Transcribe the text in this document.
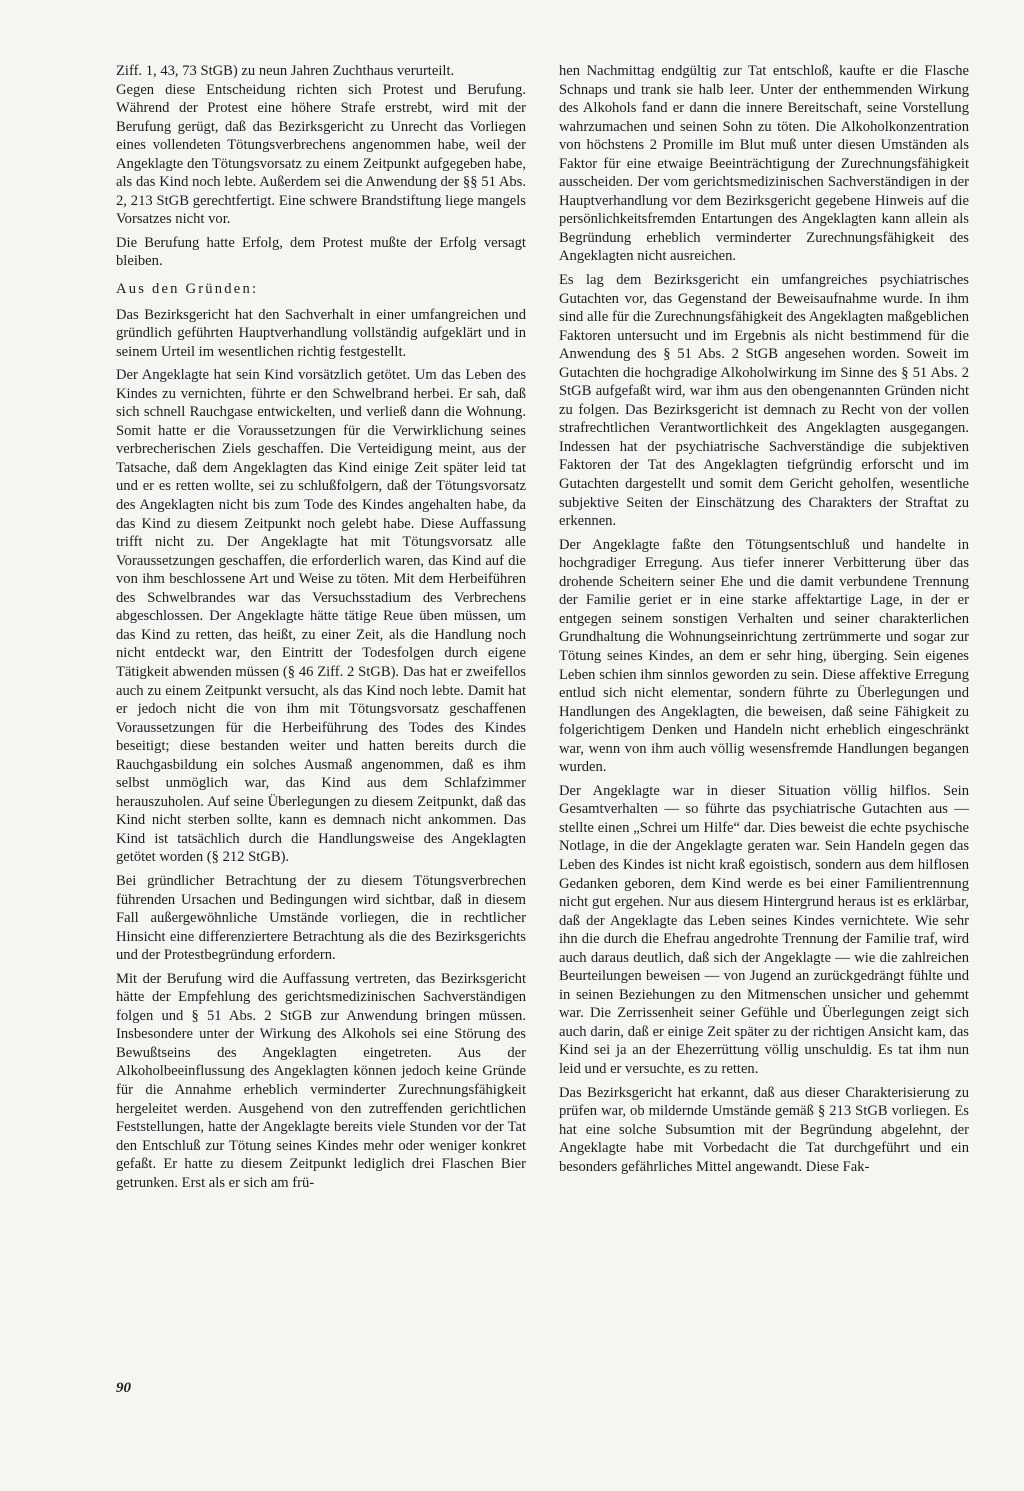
Ziff. 1, 43, 73 StGB) zu neun Jahren Zuchthaus verurteilt.

Gegen diese Entscheidung richten sich Protest und Berufung. Während der Protest eine höhere Strafe erstrebt, wird mit der Berufung gerügt, daß das Bezirksgericht zu Unrecht das Vorliegen eines vollendeten Tötungsverbrechens angenommen habe, weil der Angeklagte den Tötungsvorsatz zu einem Zeitpunkt aufgegeben habe, als das Kind noch lebte. Außerdem sei die Anwendung der §§ 51 Abs. 2, 213 StGB gerechtfertigt. Eine schwere Brandstiftung liege mangels Vorsatzes nicht vor.

Die Berufung hatte Erfolg, dem Protest mußte der Erfolg versagt bleiben.

Aus den Gründen:

Das Bezirksgericht hat den Sachverhalt in einer umfangreichen und gründlich geführten Hauptverhandlung vollständig aufgeklärt und in seinem Urteil im wesentlichen richtig festgestellt.

Der Angeklagte hat sein Kind vorsätzlich getötet. Um das Leben des Kindes zu vernichten, führte er den Schwelbrand herbei. Er sah, daß sich schnell Rauchgase entwickelten, und verließ dann die Wohnung. Somit hatte er die Voraussetzungen für die Verwirklichung seines verbrecherischen Ziels geschaffen. Die Verteidigung meint, aus der Tatsache, daß dem Angeklagten das Kind einige Zeit später leid tat und er es retten wollte, sei zu schlußfolgern, daß der Tötungsvorsatz des Angeklagten nicht bis zum Tode des Kindes angehalten habe, da das Kind zu diesem Zeitpunkt noch gelebt habe. Diese Auffassung trifft nicht zu. Der Angeklagte hat mit Tötungsvorsatz alle Voraussetzungen geschaffen, die erforderlich waren, das Kind auf die von ihm beschlossene Art und Weise zu töten. Mit dem Herbeiführen des Schwelbrandes war das Versuchsstadium des Verbrechens abgeschlossen. Der Angeklagte hätte tätige Reue üben müssen, um das Kind zu retten, das heißt, zu einer Zeit, als die Handlung noch nicht entdeckt war, den Eintritt der Todesfolgen durch eigene Tätigkeit abwenden müssen (§ 46 Ziff. 2 StGB). Das hat er zweifellos auch zu einem Zeitpunkt versucht, als das Kind noch lebte. Damit hat er jedoch nicht die von ihm mit Tötungsvorsatz geschaffenen Voraussetzungen für die Herbeiführung des Todes des Kindes beseitigt; diese bestanden weiter und hatten bereits durch die Rauchgasbildung ein solches Ausmaß angenommen, daß es ihm selbst unmöglich war, das Kind aus dem Schlafzimmer herauszuholen. Auf seine Überlegungen zu diesem Zeitpunkt, daß das Kind nicht sterben sollte, kann es demnach nicht ankommen. Das Kind ist tatsächlich durch die Handlungsweise des Angeklagten getötet worden (§ 212 StGB).

Bei gründlicher Betrachtung der zu diesem Tötungsverbrechen führenden Ursachen und Bedingungen wird sichtbar, daß in diesem Fall außergewöhnliche Umstände vorliegen, die in rechtlicher Hinsicht eine differenziertere Betrachtung als die des Bezirksgerichts und der Protestbegründung erfordern.

Mit der Berufung wird die Auffassung vertreten, das Bezirksgericht hätte der Empfehlung des gerichtsmedizinischen Sachverständigen folgen und § 51 Abs. 2 StGB zur Anwendung bringen müssen. Insbesondere unter der Wirkung des Alkohols sei eine Störung des Bewußtseins des Angeklagten eingetreten. Aus der Alkoholbeeinflussung des Angeklagten können jedoch keine Gründe für die Annahme erheblich verminderter Zurechnungsfähigkeit hergeleitet werden. Ausgehend von den zutreffenden gerichtlichen Feststellungen, hatte der Angeklagte bereits viele Stunden vor der Tat den Entschluß zur Tötung seines Kindes mehr oder weniger konkret gefaßt. Er hatte zu diesem Zeitpunkt lediglich drei Flaschen Bier getrunken. Erst als er sich am frü-

hen Nachmittag endgültig zur Tat entschloß, kaufte er die Flasche Schnaps und trank sie halb leer. Unter der enthemmenden Wirkung des Alkohols fand er dann die innere Bereitschaft, seine Vorstellung wahrzumachen und seinen Sohn zu töten. Die Alkoholkonzentration von höchstens 2 Promille im Blut muß unter diesen Umständen als Faktor für eine etwaige Beeinträchtigung der Zurechnungsfähigkeit ausscheiden. Der vom gerichtsmedizinischen Sachverständigen in der Hauptverhandlung vor dem Bezirksgericht gegebene Hinweis auf die persönlichkeitsfremden Entartungen des Angeklagten kann allein als Begründung erheblich verminderter Zurechnungsfähigkeit des Angeklagten nicht ausreichen.

Es lag dem Bezirksgericht ein umfangreiches psychiatrisches Gutachten vor, das Gegenstand der Beweisaufnahme wurde. In ihm sind alle für die Zurechnungsfähigkeit des Angeklagten maßgeblichen Faktoren untersucht und im Ergebnis als nicht bestimmend für die Anwendung des § 51 Abs. 2 StGB angesehen worden. Soweit im Gutachten die hochgradige Alkoholwirkung im Sinne des § 51 Abs. 2 StGB aufgefaßt wird, war ihm aus den obengenannten Gründen nicht zu folgen. Das Bezirksgericht ist demnach zu Recht von der vollen strafrechtlichen Verantwortlichkeit des Angeklagten ausgegangen. Indessen hat der psychiatrische Sachverständige die subjektiven Faktoren der Tat des Angeklagten tiefgründig erforscht und im Gutachten dargestellt und somit dem Gericht geholfen, wesentliche subjektive Seiten der Einschätzung des Charakters der Straftat zu erkennen.

Der Angeklagte faßte den Tötungsentschluß und handelte in hochgradiger Erregung. Aus tiefer innerer Verbitterung über das drohende Scheitern seiner Ehe und die damit verbundene Trennung der Familie geriet er in eine starke affektartige Lage, in der er entgegen seinem sonstigen Verhalten und seiner charakterlichen Grundhaltung die Wohnungseinrichtung zertrümmerte und sogar zur Tötung seines Kindes, an dem er sehr hing, überging. Sein eigenes Leben schien ihm sinnlos geworden zu sein. Diese affektive Erregung entlud sich nicht elementar, sondern führte zu Überlegungen und Handlungen des Angeklagten, die beweisen, daß seine Fähigkeit zu folgerichtigem Denken und Handeln nicht erheblich eingeschränkt war, wenn von ihm auch völlig wesensfremde Handlungen begangen wurden.

Der Angeklagte war in dieser Situation völlig hilflos. Sein Gesamtverhalten — so führte das psychiatrische Gutachten aus — stellte einen „Schrei um Hilfe“ dar. Dies beweist die echte psychische Notlage, in die der Angeklagte geraten war. Sein Handeln gegen das Leben des Kindes ist nicht kraß egoistisch, sondern aus dem hilflosen Gedanken geboren, dem Kind werde es bei einer Familientrennung nicht gut ergehen. Nur aus diesem Hintergrund heraus ist es erklärbar, daß der Angeklagte das Leben seines Kindes vernichtete. Wie sehr ihn die durch die Ehefrau angedrohte Trennung der Familie traf, wird auch daraus deutlich, daß sich der Angeklagte — wie die zahlreichen Beurteilungen beweisen — von Jugend an zurückgedrängt fühlte und in seinen Beziehungen zu den Mitmenschen unsicher und gehemmt war. Die Zerrissenheit seiner Gefühle und Überlegungen zeigt sich auch darin, daß er einige Zeit später zu der richtigen Ansicht kam, das Kind sei ja an der Ehezerrüttung völlig unschuldig. Es tat ihm nun leid und er versuchte, es zu retten.

Das Bezirksgericht hat erkannt, daß aus dieser Charakterisierung zu prüfen war, ob mildernde Umstände gemäß § 213 StGB vorliegen. Es hat eine solche Subsumtion mit der Begründung abgelehnt, der Angeklagte habe mit Vorbedacht die Tat durchgeführt und ein besonders gefährliches Mittel angewandt. Diese Fak-

90
